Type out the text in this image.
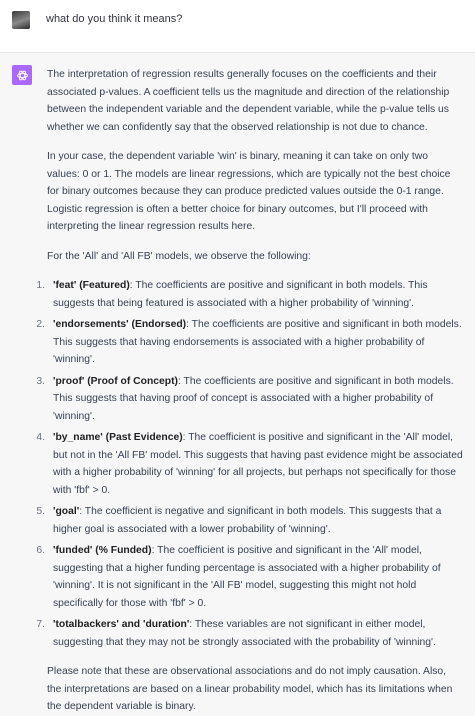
what do you think it means?

The interpretation of regression results generally focuses on the coefficients and their associated p-values. A coefficient tells us the magnitude and direction of the relationship between the independent variable and the dependent variable, while the p-value tells us whether we can confidently say that the observed relationship is not due to chance.

In your case, the dependent variable 'win' is binary, meaning it can take on only two values: 0 or 1. The models are linear regressions, which are typically not the best choice for binary outcomes because they can produce predicted values outside the 0-1 range. Logistic regression is often a better choice for binary outcomes, but I'll proceed with interpreting the linear regression results here.

For the 'All' and 'All FB' models, we observe the following:

1. 'feat' (Featured): The coefficients are positive and significant in both models. This suggests that being featured is associated with a higher probability of 'winning'.
2. 'endorsements' (Endorsed): The coefficients are positive and significant in both models. This suggests that having endorsements is associated with a higher probability of 'winning'.
3. 'proof' (Proof of Concept): The coefficients are positive and significant in both models. This suggests that having proof of concept is associated with a higher probability of 'winning'.
4. 'by_name' (Past Evidence): The coefficient is positive and significant in the 'All' model, but not in the 'All FB' model. This suggests that having past evidence might be associated with a higher probability of 'winning' for all projects, but perhaps not specifically for those with 'fbf' > 0.
5. 'goal': The coefficient is negative and significant in both models. This suggests that a higher goal is associated with a lower probability of 'winning'.
6. 'funded' (% Funded): The coefficient is positive and significant in the 'All' model, suggesting that a higher funding percentage is associated with a higher probability of 'winning'. It is not significant in the 'All FB' model, suggesting this might not hold specifically for those with 'fbf' > 0.
7. 'totalbackers' and 'duration': These variables are not significant in either model, suggesting that they may not be strongly associated with the probability of 'winning'.

Please note that these are observational associations and do not imply causation. Also, the interpretations are based on a linear probability model, which has its limitations when the dependent variable is binary.
